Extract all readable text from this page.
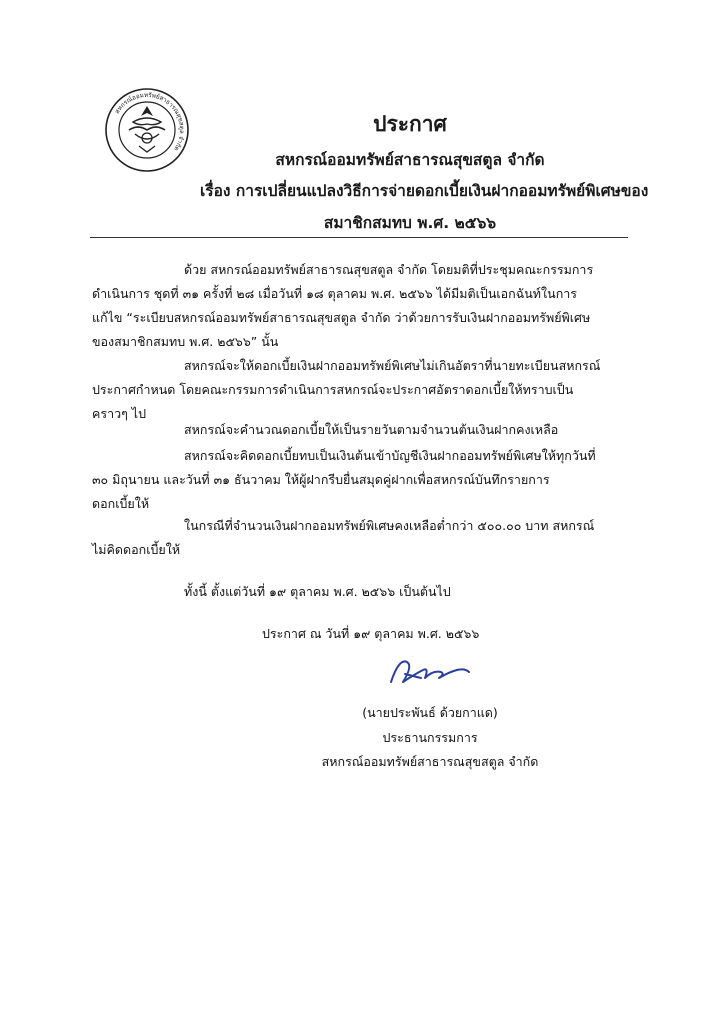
สหกรณ์ออมทรัพย์สาธารณสุขสตูล จำกัด
ประกาศ
สหกรณ์ออมทรัพย์สาธารณสุขสตูล จำกัด
เรื่อง การเปลี่ยนแปลงวิธีการจ่ายดอกเบี้ยเงินฝากออมทรัพย์พิเศษของ
สมาชิกสมทบ พ.ศ. ๒๕๖๖

ด้วย สหกรณ์ออมทรัพย์สาธารณสุขสตูล จำกัด โดยมติที่ประชุมคณะกรรมการ

ดำเนินการ ชุดที่ ๓๑ ครั้งที่ ๒๘ เมื่อวันที่ ๑๘ ตุลาคม พ.ศ. ๒๕๖๖ ได้มีมติเป็นเอกฉันท์ในการ

แก้ไข “ระเบียบสหกรณ์ออมทรัพย์สาธารณสุขสตูล จำกัด ว่าด้วยการรับเงินฝากออมทรัพย์พิเศษ

ของสมาชิกสมทบ พ.ศ. ๒๕๖๖” นั้น

สหกรณ์จะให้ดอกเบี้ยเงินฝากออมทรัพย์พิเศษไม่เกินอัตราที่นายทะเบียนสหกรณ์

ประกาศกำหนด โดยคณะกรรมการดำเนินการสหกรณ์จะประกาศอัตราดอกเบี้ยให้ทราบเป็น

คราวๆ ไป

สหกรณ์จะคำนวณดอกเบี้ยให้เป็นรายวันตามจำนวนต้นเงินฝากคงเหลือ

สหกรณ์จะคิดดอกเบี้ยทบเป็นเงินต้นเข้าบัญชีเงินฝากออมทรัพย์พิเศษให้ทุกวันที่

๓๐ มิถุนายน และวันที่ ๓๑ ธันวาคม ให้ผู้ฝากรีบยื่นสมุดคู่ฝากเพื่อสหกรณ์บันทึกรายการ

ดอกเบี้ยให้

ในกรณีที่จำนวนเงินฝากออมทรัพย์พิเศษคงเหลือต่ำกว่า ๕๐๐.๐๐ บาท สหกรณ์

ไม่คิดดอกเบี้ยให้

ทั้งนี้ ตั้งแต่วันที่ ๑๙ ตุลาคม พ.ศ. ๒๕๖๖ เป็นต้นไป
ประกาศ ณ วันที่ ๑๙ ตุลาคม พ.ศ. ๒๕๖๖
(นายประพันธ์ ด้วยกาแด)
ประธานกรรมการ
สหกรณ์ออมทรัพย์สาธารณสุขสตูล จำกัด
